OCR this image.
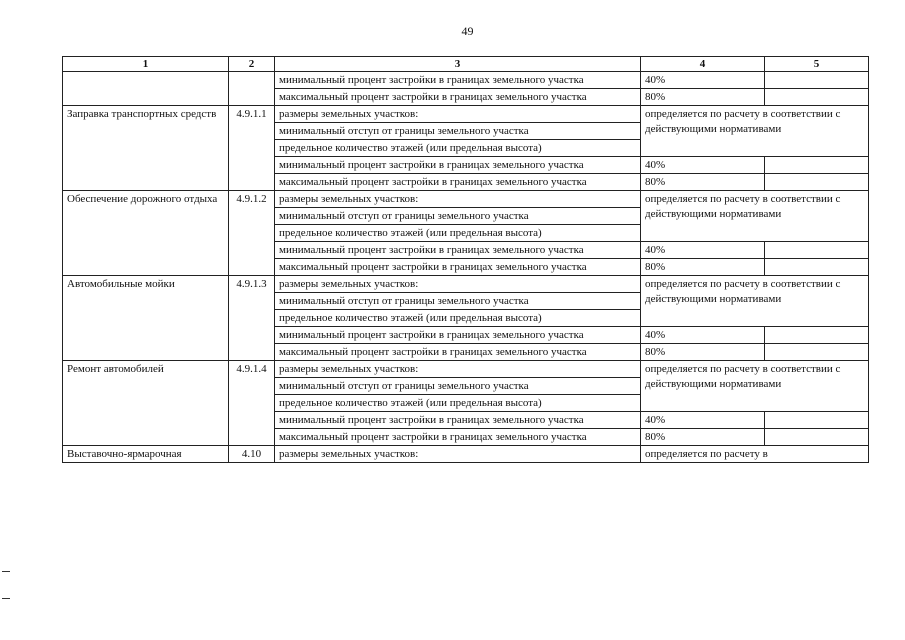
49
1	2	3	4	5
		минимальный процент застройки в границах земельного участка	40%	
		максимальный процент застройки в границах земельного участка	80%	
Заправка транспортных средств	4.9.1.1	размеры земельных участков:	определяется по расчету в соответствии с действующими нормативами	
		минимальный отступ от границы земельного участка		
		предельное количество этажей (или предельная высота)		
		минимальный процент застройки в границах земельного участка	40%	
		максимальный процент застройки в границах земельного участка	80%	
Обеспечение дорожного отдыха	4.9.1.2	размеры земельных участков:	определяется по расчету в соответствии с действующими нормативами	
		минимальный отступ от границы земельного участка		
		предельное количество этажей (или предельная высота)		
		минимальный процент застройки в границах земельного участка	40%	
		максимальный процент застройки в границах земельного участка	80%	
Автомобильные мойки	4.9.1.3	размеры земельных участков:	определяется по расчету в соответствии с действующими нормативами	
		минимальный отступ от границы земельного участка		
		предельное количество этажей (или предельная высота)		
		минимальный процент застройки в границах земельного участка	40%	
		максимальный процент застройки в границах земельного участка	80%	
Ремонт автомобилей	4.9.1.4	размеры земельных участков:	определяется по расчету в соответствии с действующими нормативами	
		минимальный отступ от границы земельного участка		
		предельное количество этажей (или предельная высота)		
		минимальный процент застройки в границах земельного участка	40%	
		максимальный процент застройки в границах земельного участка	80%	
Выставочно-ярмарочная	4.10	размеры земельных участков:	определяется по расчету в	
